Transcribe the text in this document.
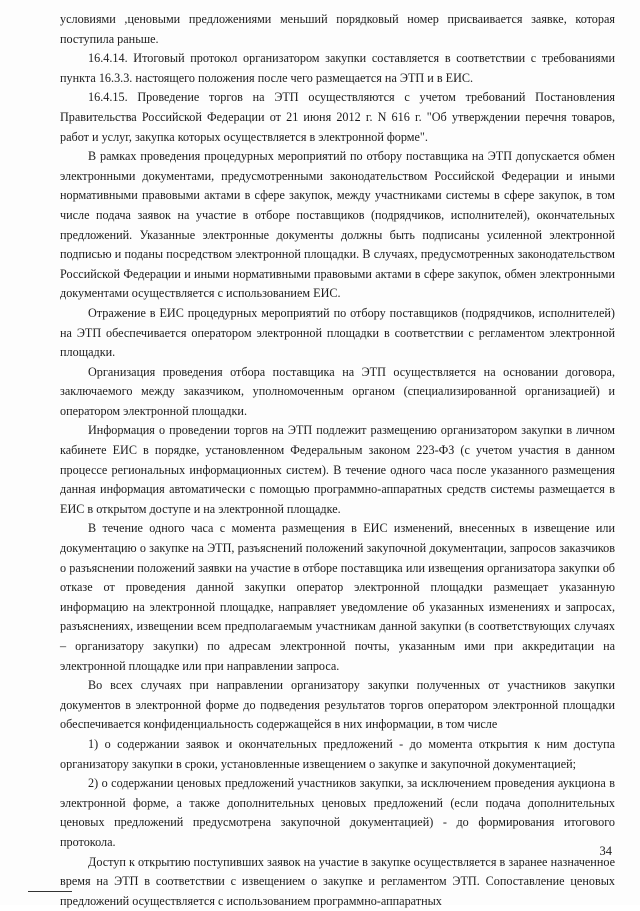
условиями ,ценовыми предложениями меньший порядковый номер присваивается заявке, которая поступила раньше.

16.4.14. Итоговый протокол организатором закупки составляется в соответствии с требованиями пункта 16.3.3. настоящего положения после чего размещается на ЭТП и в ЕИС.

16.4.15. Проведение торгов на ЭТП осуществляются с учетом требований Постановления Правительства Российской Федерации от 21 июня 2012 г. N 616 г. "Об утверждении перечня товаров, работ и услуг, закупка которых осуществляется в электронной форме".

В рамках проведения процедурных мероприятий по отбору поставщика на ЭТП допускается обмен электронными документами, предусмотренными законодательством Российской Федерации и иными нормативными правовыми актами в сфере закупок, между участниками системы в сфере закупок, в том числе подача заявок на участие в отборе поставщиков (подрядчиков, исполнителей), окончательных предложений. Указанные электронные документы должны быть подписаны усиленной электронной подписью и поданы посредством электронной площадки. В случаях, предусмотренных законодательством Российской Федерации и иными нормативными правовыми актами в сфере закупок, обмен электронными документами осуществляется с использованием ЕИС.

Отражение в ЕИС процедурных мероприятий по отбору поставщиков (подрядчиков, исполнителей) на ЭТП обеспечивается оператором электронной площадки в соответствии с регламентом электронной площадки.

Организация проведения отбора поставщика на ЭТП осуществляется на основании договора, заключаемого между заказчиком, уполномоченным органом (специализированной организацией) и оператором электронной площадки.

Информация о проведении торгов на ЭТП подлежит размещению организатором закупки в личном кабинете ЕИС в порядке, установленном Федеральным законом 223-ФЗ (с учетом участия в данном процессе региональных информационных систем). В течение одного часа после указанного размещения данная информация автоматически с помощью программно-аппаратных средств системы размещается в ЕИС в открытом доступе и на электронной площадке.

В течение одного часа с момента размещения в ЕИС изменений, внесенных в извещение или документацию о закупке на ЭТП, разъяснений положений закупочной документации, запросов заказчиков о разъяснении положений заявки на участие в отборе поставщика или извещения организатора закупки об отказе от проведения данной закупки оператор электронной площадки размещает указанную информацию на электронной площадке, направляет уведомление об указанных изменениях и запросах, разъяснениях, извещении всем предполагаемым участникам данной закупки (в соответствующих случаях – организатору закупки) по адресам электронной почты, указанным ими при аккредитации на электронной площадке или при направлении запроса.

Во всех случаях при направлении организатору закупки полученных от участников закупки документов в электронной форме до подведения результатов торгов оператором электронной площадки обеспечивается конфиденциальность содержащейся в них информации, в том числе

1) о содержании заявок и окончательных предложений - до момента открытия к ним доступа организатору закупки в сроки, установленные извещением о закупке и закупочной документацией;

2) о содержании ценовых предложений участников закупки, за исключением проведения аукциона в электронной форме, а также дополнительных ценовых предложений (если подача дополнительных ценовых предложений предусмотрена закупочной документацией) - до формирования итогового протокола.

Доступ к открытию поступивших заявок на участие в закупке осуществляется в заранее назначенное время на ЭТП в соответствии с извещением о закупке и регламентом ЭТП. Сопоставление ценовых предложений осуществляется с использованием программно-аппаратных

34
